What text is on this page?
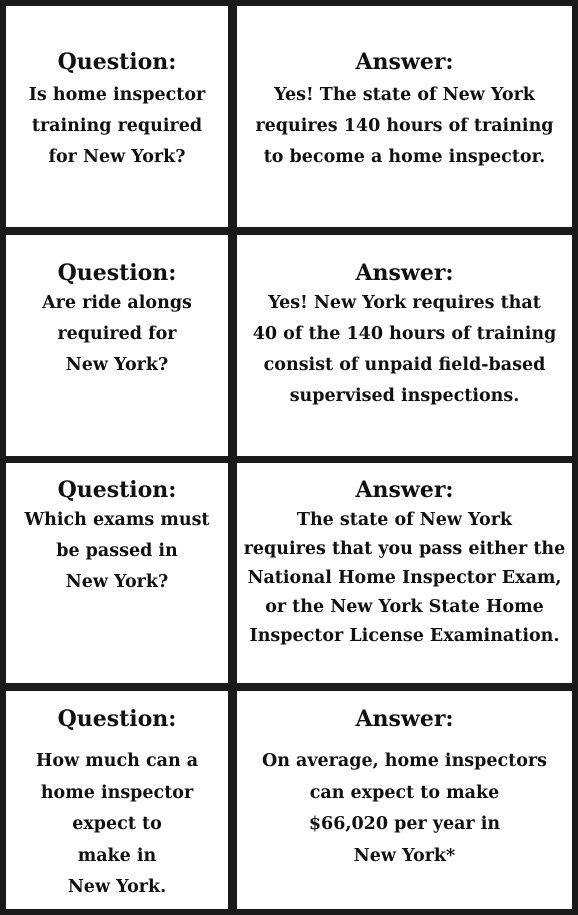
Question:
Is home inspector
training required
for New York?
Answer:
Yes! The state of New York
requires 140 hours of training
to become a home inspector.
Question:
Are ride alongs
required for
New York?
Answer:
Yes! New York requires that
40 of the 140 hours of training
consist of unpaid field-based
supervised inspections.
Question:
Which exams must
be passed in
New York?
Answer:
The state of New York
requires that you pass either the
National Home Inspector Exam,
or the New York State Home
Inspector License Examination.
Question:
How much can a
home inspector
expect to
make in
New York.
Answer:
On average, home inspectors
can expect to make
$66,020 per year in
New York*
